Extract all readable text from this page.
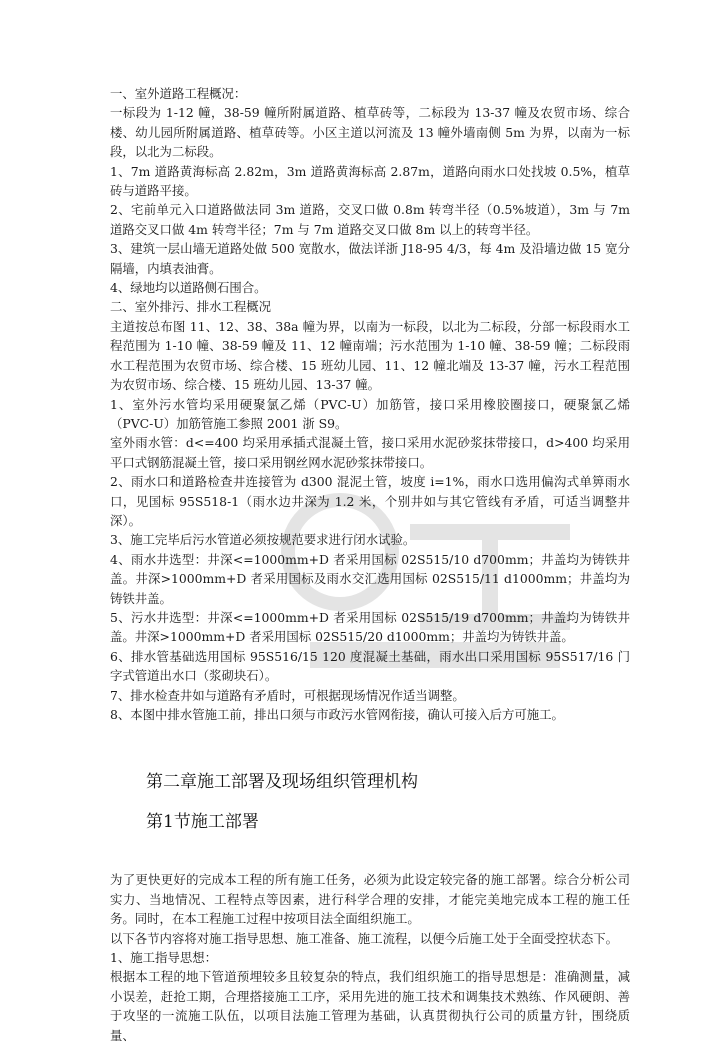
一、室外道路工程概况：

一标段为 1-12 幢，38-59 幢所附属道路、植草砖等，二标段为 13-37 幢及农贸市场、综合楼、幼儿园所附属道路、植草砖等。小区主道以河流及 13 幢外墙南侧 5m 为界，以南为一标段，以北为二标段。

1、7m 道路黄海标高 2.82m，3m 道路黄海标高 2.87m，道路向雨水口处找坡 0.5%，植草砖与道路平接。

2、宅前单元入口道路做法同 3m 道路，交叉口做 0.8m 转弯半径（0.5%坡道），3m 与 7m 道路交叉口做 4m 转弯半径；7m 与 7m 道路交叉口做 8m 以上的转弯半径。

3、建筑一层山墙无道路处做 500 宽散水，做法详浙 J18-95 4/3，每 4m 及沿墙边做 15 宽分隔墙，内填表油膏。

4、绿地均以道路侧石围合。

二、室外排污、排水工程概况

主道按总布图 11、12、38、38a 幢为界，以南为一标段，以北为二标段，分部一标段雨水工程范围为 1-10 幢、38-59 幢及 11、12 幢南端；污水范围为 1-10 幢、38-59 幢；二标段雨水工程范围为农贸市场、综合楼、15 班幼儿园、11、12 幢北端及 13-37 幢，污水工程范围为农贸市场、综合楼、15 班幼儿园、13-37 幢。

1、室外污水管均采用硬聚氯乙烯（PVC-U）加筋管，接口采用橡胶圈接口，硬聚氯乙烯（PVC-U）加筋管施工参照 2001 浙 S9。

室外雨水管：d<=400 均采用承插式混凝土管，接口采用水泥砂浆抹带接口，d>400 均采用平口式钢筋混凝土管，接口采用钢丝网水泥砂浆抹带接口。

2、雨水口和道路检查井连接管为 d300 混泥土管，坡度 i=1%，雨水口选用偏沟式单箅雨水口，见国标 95S518-1（雨水边井深为 1.2 米，个别井如与其它管线有矛盾，可适当调整井深）。

3、施工完毕后污水管道必须按规范要求进行闭水试验。

4、雨水井选型：井深<=1000mm+D 者采用国标 02S515/10 d700mm；井盖均为铸铁井盖。井深>1000mm+D 者采用国标及雨水交汇选用国标 02S515/11 d1000mm；井盖均为铸铁井盖。

5、污水井选型：井深<=1000mm+D 者采用国标 02S515/19 d700mm；井盖均为铸铁井盖。井深>1000mm+D 者采用国标 02S515/20 d1000mm；井盖均为铸铁井盖。

6、排水管基础选用国标 95S516/15 120 度混凝土基础，雨水出口采用国标 95S517/16 门字式管道出水口（浆砌块石）。

7、排水检查井如与道路有矛盾时，可根据现场情况作适当调整。

8、本图中排水管施工前，排出口须与市政污水管网衔接，确认可接入后方可施工。

第二章施工部署及现场组织管理机构
第1节施工部署

为了更快更好的完成本工程的所有施工任务，必须为此设定较完备的施工部署。综合分析公司实力、当地情况、工程特点等因素，进行科学合理的安排，才能完美地完成本工程的施工任务。同时，在本工程施工过程中按项目法全面组织施工。

以下各节内容将对施工指导思想、施工准备、施工流程，以便今后施工处于全面受控状态下。

1、施工指导思想：

根据本工程的地下管道预埋较多且较复杂的特点，我们组织施工的指导思想是：准确测量，减小误差，赶抢工期，合理搭接施工工序，采用先进的施工技术和调集技术熟练、作风硬朗、善于攻坚的一流施工队伍，以项目法施工管理为基础，认真贯彻执行公司的质量方针，围绕质量、
